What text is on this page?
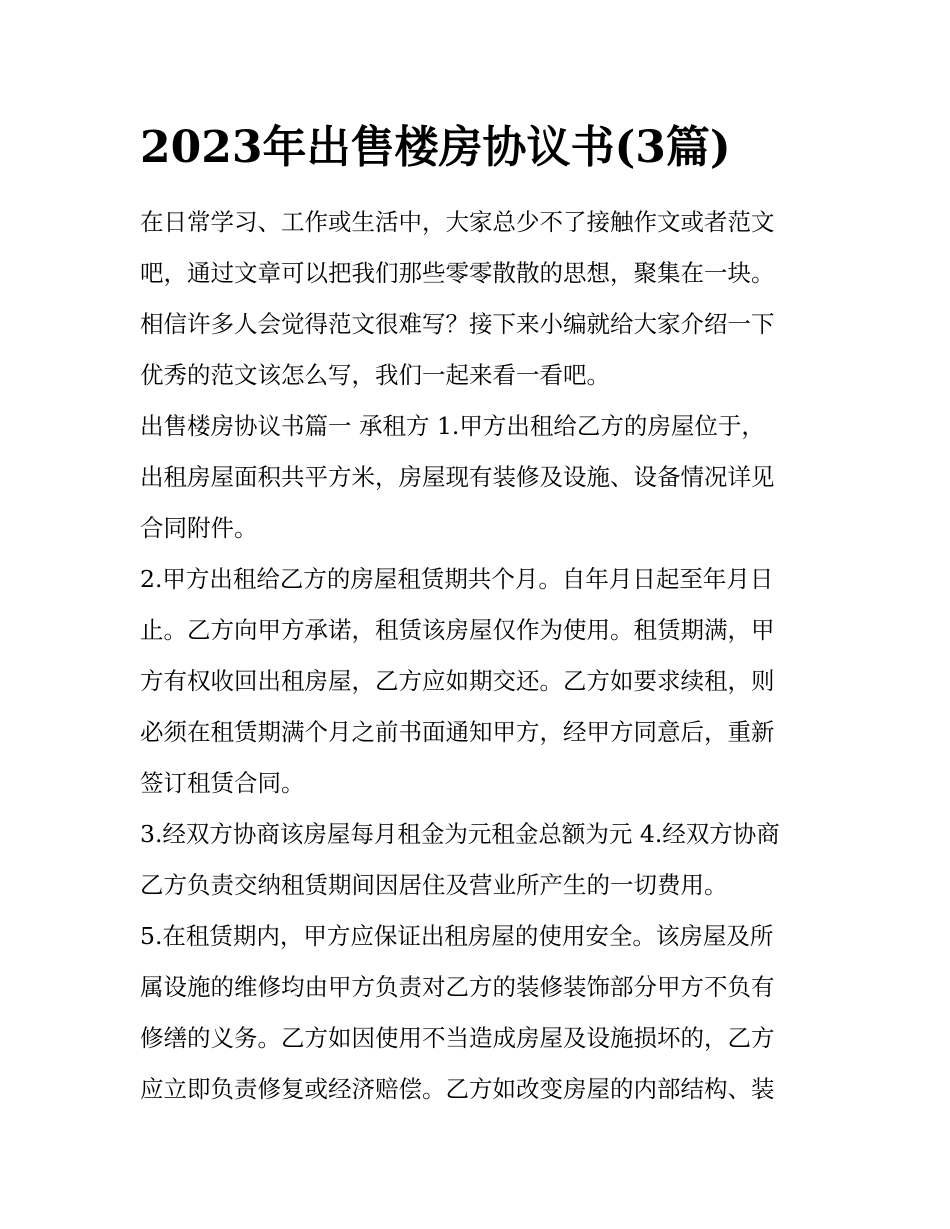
2023年出售楼房协议书(3篇)

在日常学习、工作或生活中，大家总少不了接触作文或者范文
吧，通过文章可以把我们那些零零散散的思想，聚集在一块。
相信许多人会觉得范文很难写？接下来小编就给大家介绍一下
优秀的范文该怎么写，我们一起来看一看吧。

出售楼房协议书篇一 承租方 1.甲方出租给乙方的房屋位于，
出租房屋面积共平方米，房屋现有装修及设施、设备情况详见
合同附件。

2.甲方出租给乙方的房屋租赁期共个月。自年月日起至年月日
止。乙方向甲方承诺，租赁该房屋仅作为使用。租赁期满，甲
方有权收回出租房屋，乙方应如期交还。乙方如要求续租，则
必须在租赁期满个月之前书面通知甲方，经甲方同意后，重新
签订租赁合同。

3.经双方协商该房屋每月租金为元租金总额为元 4.经双方协商
乙方负责交纳租赁期间因居住及营业所产生的一切费用。

5.在租赁期内，甲方应保证出租房屋的使用安全。该房屋及所
属设施的维修均由甲方负责对乙方的装修装饰部分甲方不负有
修缮的义务。乙方如因使用不当造成房屋及设施损坏的，乙方
应立即负责修复或经济赔偿。乙方如改变房屋的内部结构、装
